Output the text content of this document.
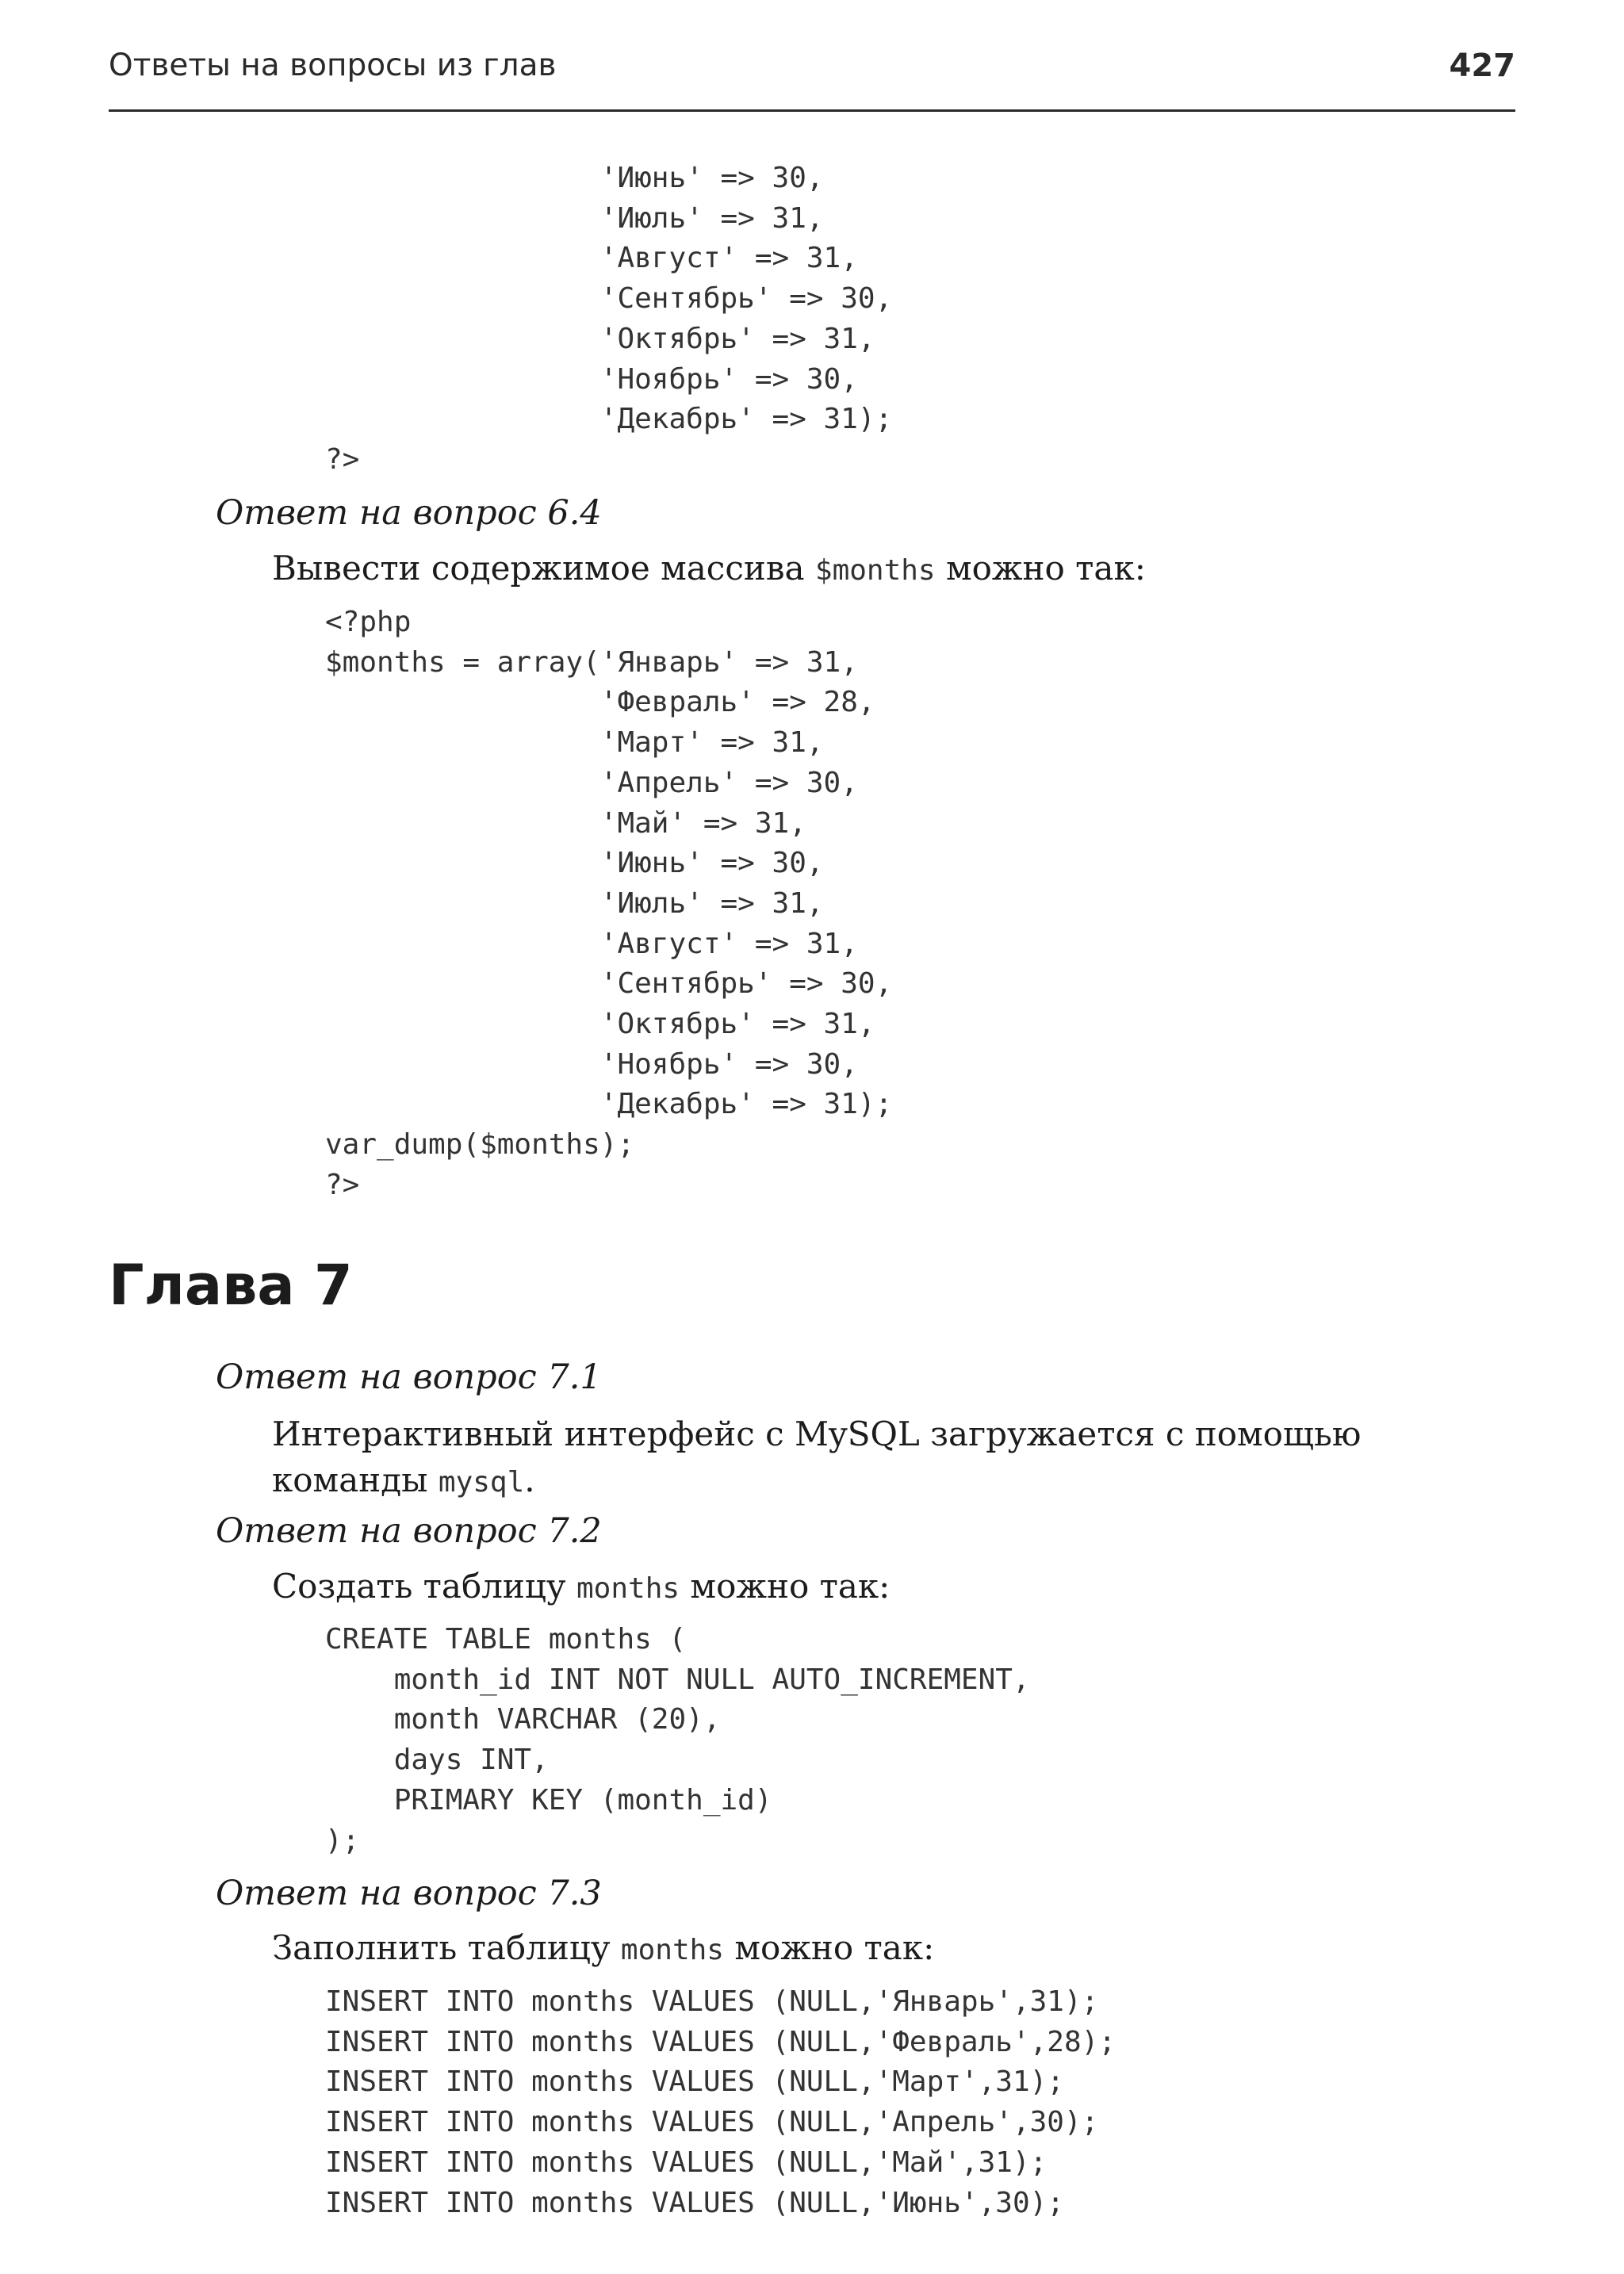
Ответы на вопросы из глав	427
'Июнь' => 30,
'Июль' => 31,
'Август' => 31,
'Сентябрь' => 30,
'Октябрь' => 31,
'Ноябрь' => 30,
'Декабрь' => 31);
?>
Ответ на вопрос 6.4

Вывести содержимое массива $months можно так:

<?php
$months = array('Январь' => 31,
'Февраль' => 28,
'Март' => 31,
'Апрель' => 30,
'Май' => 31,
'Июнь' => 30,
'Июль' => 31,
'Август' => 31,
'Сентябрь' => 30,
'Октябрь' => 31,
'Ноябрь' => 30,
'Декабрь' => 31);
var_dump($months);
?>
Глава 7
Ответ на вопрос 7.1

Интерактивный интерфейс с MySQL загружается с помощью команды mysql.

Ответ на вопрос 7.2

Создать таблицу months можно так:

CREATE TABLE months (
month_id INT NOT NULL AUTO_INCREMENT,
month VARCHAR (20),
days INT,
PRIMARY KEY (month_id)
);
Ответ на вопрос 7.3

Заполнить таблицу months можно так:

INSERT INTO months VALUES (NULL,'Январь',31);
INSERT INTO months VALUES (NULL,'Февраль',28);
INSERT INTO months VALUES (NULL,'Март',31);
INSERT INTO months VALUES (NULL,'Апрель',30);
INSERT INTO months VALUES (NULL,'Май',31);
INSERT INTO months VALUES (NULL,'Июнь',30);
